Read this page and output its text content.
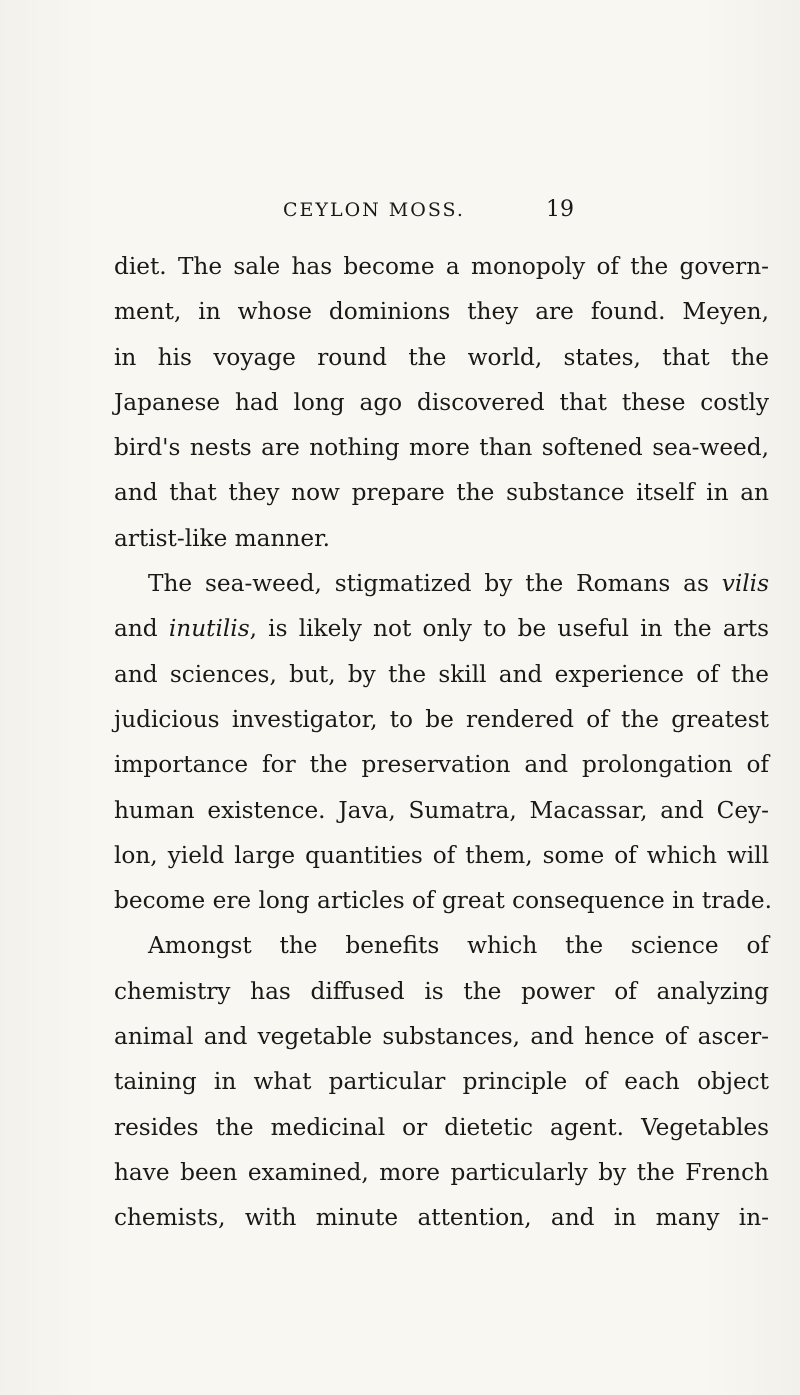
CEYLON MOSS.	19
diet. The sale has become a monopoly of the govern-
ment, in whose dominions they are found. Meyen,
in his voyage round the world, states, that the
Japanese had long ago discovered that these costly
bird's nests are nothing more than softened sea-weed,
and that they now prepare the substance itself in an
artist-like manner.
The sea-weed, stigmatized by the Romans as vilis
and inutilis, is likely not only to be useful in the arts
and sciences, but, by the skill and experience of the
judicious investigator, to be rendered of the greatest
importance for the preservation and prolongation of
human existence. Java, Sumatra, Macassar, and Cey-
lon, yield large quantities of them, some of which will
become ere long articles of great consequence in trade.
Amongst the benefits which the science of
chemistry has diffused is the power of analyzing
animal and vegetable substances, and hence of ascer-
taining in what particular principle of each object
resides the medicinal or dietetic agent. Vegetables
have been examined, more particularly by the French
chemists, with minute attention, and in many in-
